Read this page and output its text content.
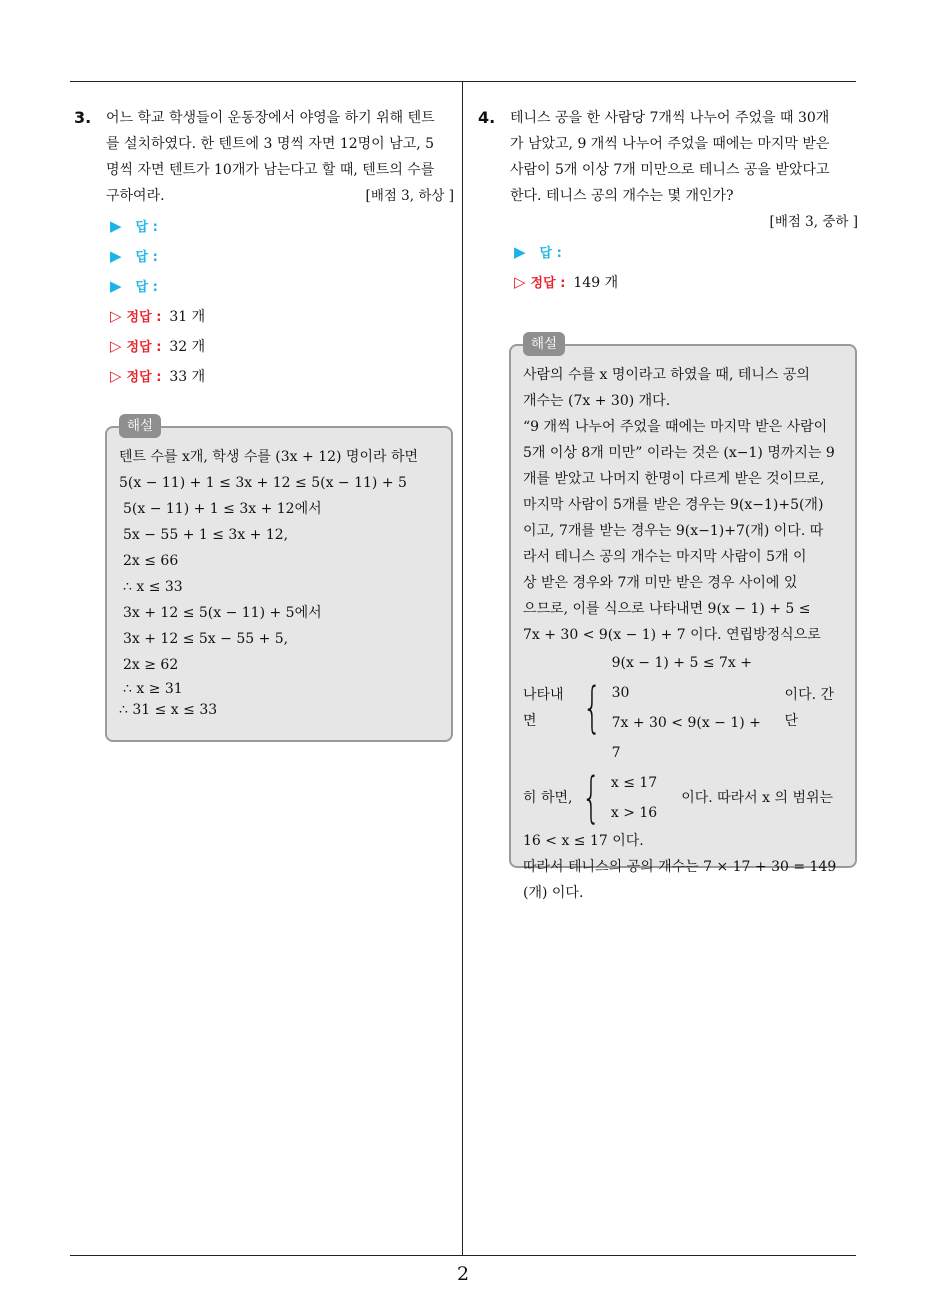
3. 어느 학교 학생들이 운동장에서 야영을 하기 위해 텐트
를 설치하였다. 한 텐트에 3 명씩 자면 12명이 남고, 5
명씩 자면 텐트가 10개가 남는다고 할 때, 텐트의 수를
구하여라.	[배점 3, 하상 ]
▶ 답 :
▶ 답 :
▶ 답 :
▷ 정답 : 31 개
▷ 정답 : 32 개
▷ 정답 : 33 개
해설
텐트 수를 x개, 학생 수를 (3x + 12) 명이라 하면
5(x − 11) + 1 ≤ 3x + 12 ≤ 5(x − 11) + 5
5(x − 11) + 1 ≤ 3x + 12에서
5x − 55 + 1 ≤ 3x + 12,
2x ≤ 66
∴ x ≤ 33
3x + 12 ≤ 5(x − 11) + 5에서
3x + 12 ≤ 5x − 55 + 5,
2x ≥ 62
∴ x ≥ 31
∴ 31 ≤ x ≤ 33
4. 테니스 공을 한 사람당 7개씩 나누어 주었을 때 30개
가 남았고, 9 개씩 나누어 주었을 때에는 마지막 받은
사람이 5개 이상 7개 미만으로 테니스 공을 받았다고
한다. 테니스 공의 개수는 몇 개인가?
[배점 3, 중하 ]
▶ 답 :
▷ 정답 : 149 개
해설
사람의 수를 x 명이라고 하였을 때, 테니스 공의
개수는 (7x + 30) 개다.
“9 개씩 나누어 주었을 때에는 마지막 받은 사람이
5개 이상 8개 미만” 이라는 것은 (x−1) 명까지는 9
개를 받았고 나머지 한명이 다르게 받은 것이므로,
마지막 사람이 5개를 받은 경우는 9(x−1)+5(개)
이고, 7개를 받는 경우는 9(x−1)+7(개) 이다. 따
라서 테니스 공의 개수는 마지막 사람이 5개 이
상 받은 경우와 7개 미만 받은 경우 사이에 있
으므로, 이를 식으로 나타내면 9(x − 1) + 5 ≤
7x + 30 < 9(x − 1) + 7 이다. 연립방정식으로
나타내면 {
9(x − 1) + 5 ≤ 7x + 30
7x + 30 < 9(x − 1) + 7
이다. 간단
히 하면, { x ≤ 17
x > 16
이다. 따라서 x 의 범위는
16 < x ≤ 17 이다.
따라서 테니스의 공의 개수는 7 × 17 + 30 = 149
(개) 이다.
2
